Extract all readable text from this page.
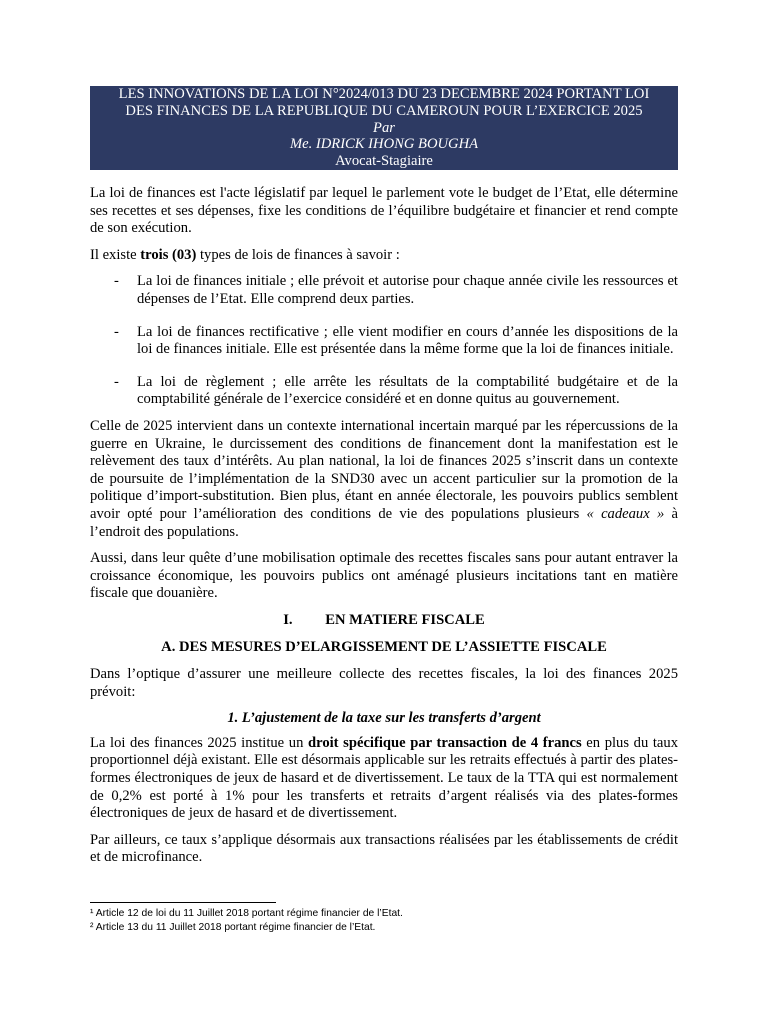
LES INNOVATIONS DE LA LOI N°2024/013 DU 23 DECEMBRE 2024 PORTANT LOI
DES FINANCES DE LA REPUBLIQUE DU CAMEROUN POUR L’EXERCICE 2025
Par
Me. IDRICK IHONG BOUGHA
Avocat-Stagiaire

La loi de finances est l'acte législatif par lequel le parlement vote le budget de l’Etat, elle détermine ses recettes et ses dépenses, fixe les conditions de l’équilibre budgétaire et financier et rend compte de son exécution.

Il existe trois (03) types de lois de finances à savoir :

- La loi de finances initiale ; elle prévoit et autorise pour chaque année civile les ressources et dépenses de l’Etat. Elle comprend deux parties.
- La loi de finances rectificative ; elle vient modifier en cours d’année les dispositions de la loi de finances initiale. Elle est présentée dans la même forme que la loi de finances initiale.
- La loi de règlement ; elle arrête les résultats de la comptabilité budgétaire et de la comptabilité générale de l’exercice considéré et en donne quitus au gouvernement.

Celle de 2025 intervient dans un contexte international incertain marqué par les répercussions de la guerre en Ukraine, le durcissement des conditions de financement dont la manifestation est le relèvement des taux d’intérêts. Au plan national, la loi de finances 2025 s’inscrit dans un contexte de poursuite de l’implémentation de la SND30 avec un accent particulier sur la promotion de la politique d’import-substitution. Bien plus, étant en année électorale, les pouvoirs publics semblent avoir opté pour l’amélioration des conditions de vie des populations plusieurs « cadeaux » à l’endroit des populations.

Aussi, dans leur quête d’une mobilisation optimale des recettes fiscales sans pour autant entraver la croissance économique, les pouvoirs publics ont aménagé plusieurs incitations tant en matière fiscale que douanière.

I. EN MATIERE FISCALE
A. DES MESURES D’ELARGISSEMENT DE L’ASSIETTE FISCALE

Dans l’optique d’assurer une meilleure collecte des recettes fiscales, la loi des finances 2025 prévoit:

1. L’ajustement de la taxe sur les transferts d’argent

La loi des finances 2025 institue un droit spécifique par transaction de 4 francs en plus du taux proportionnel déjà existant. Elle est désormais applicable sur les retraits effectués à partir des plates-formes électroniques de jeux de hasard et de divertissement. Le taux de la TTA qui est normalement de 0,2% est porté à 1% pour les transferts et retraits d’argent réalisés via des plates-formes électroniques de jeux de hasard et de divertissement.

Par ailleurs, ce taux s’applique désormais aux transactions réalisées par les établissements de crédit et de microfinance.

¹ Article 12 de loi du 11 Juillet 2018 portant régime financier de l’Etat.
² Article 13 du 11 Juillet 2018 portant régime financier de l’Etat.
